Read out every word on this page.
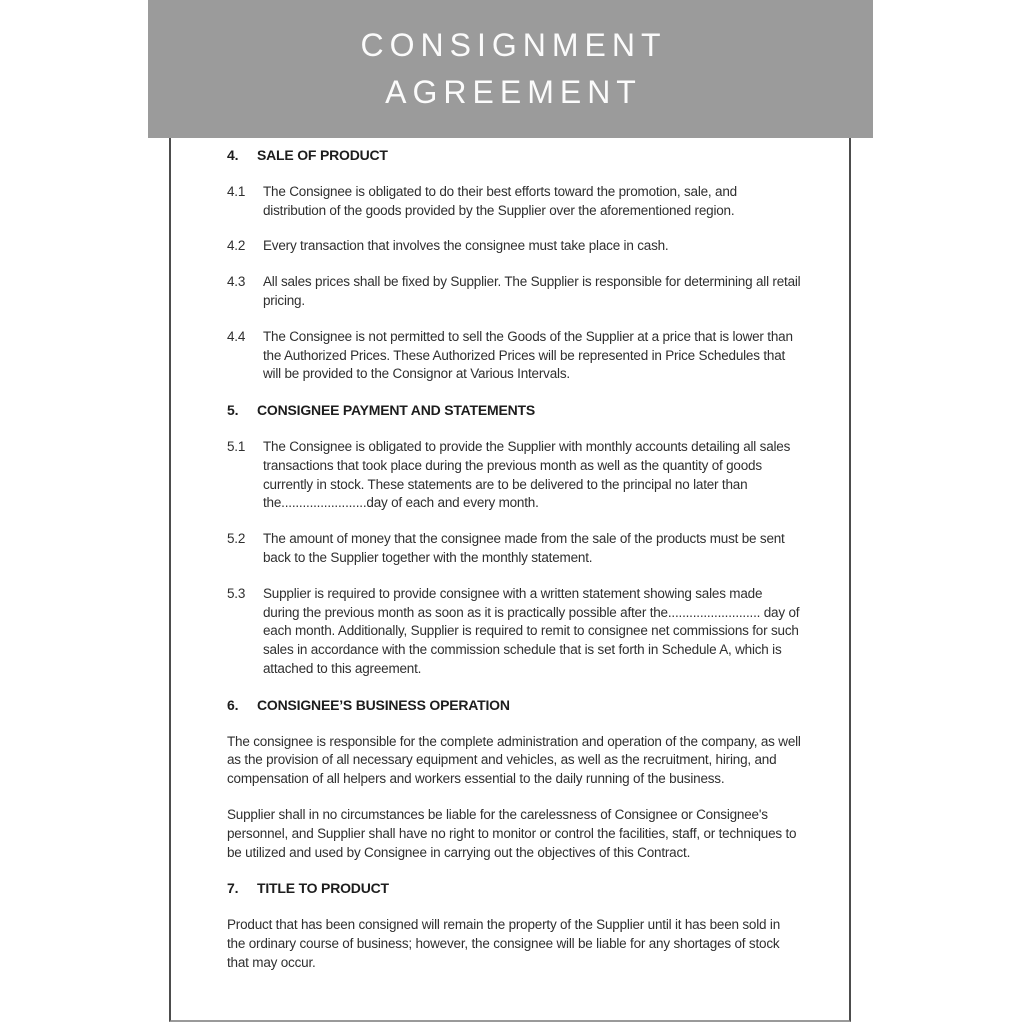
CONSIGNMENT
AGREEMENT
4.	SALE OF PRODUCT
4.1	The Consignee is obligated to do their best efforts toward the promotion, sale, and distribution of the goods provided by the Supplier over the aforementioned region.
4.2	Every transaction that involves the consignee must take place in cash.
4.3	All sales prices shall be fixed by Supplier. The Supplier is responsible for determining all retail pricing.
4.4	The Consignee is not permitted to sell the Goods of the Supplier at a price that is lower than the Authorized Prices. These Authorized Prices will be represented in Price Schedules that will be provided to the Consignor at Various Intervals.
5.	CONSIGNEE PAYMENT AND STATEMENTS
5.1	The Consignee is obligated to provide the Supplier with monthly accounts detailing all sales transactions that took place during the previous month as well as the quantity of goods currently in stock. These statements are to be delivered to the principal no later than the........................day of each and every month.
5.2	The amount of money that the consignee made from the sale of the products must be sent back to the Supplier together with the monthly statement.
5.3	Supplier is required to provide consignee with a written statement showing sales made during the previous month as soon as it is practically possible after the.......................... day of each month. Additionally, Supplier is required to remit to consignee net commissions for such sales in accordance with the commission schedule that is set forth in Schedule A, which is attached to this agreement.
6.	CONSIGNEE’S BUSINESS OPERATION
The consignee is responsible for the complete administration and operation of the company, as well as the provision of all necessary equipment and vehicles, as well as the recruitment, hiring, and compensation of all helpers and workers essential to the daily running of the business.
Supplier shall in no circumstances be liable for the carelessness of Consignee or Consignee's personnel, and Supplier shall have no right to monitor or control the facilities, staff, or techniques to be utilized and used by Consignee in carrying out the objectives of this Contract.
7.	TITLE TO PRODUCT
Product that has been consigned will remain the property of the Supplier until it has been sold in the ordinary course of business; however, the consignee will be liable for any shortages of stock that may occur.
